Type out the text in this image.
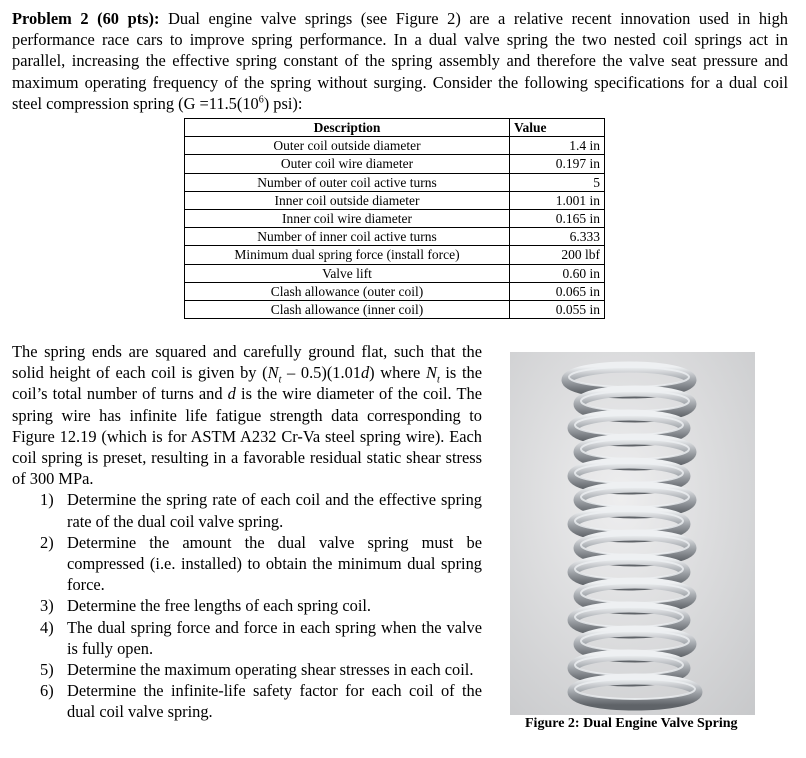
Problem 2 (60 pts): Dual engine valve springs (see Figure 2) are a relative recent innovation used in high performance race cars to improve spring performance. In a dual valve spring the two nested coil springs act in parallel, increasing the effective spring constant of the spring assembly and therefore the valve seat pressure and maximum operating frequency of the spring without surging. Consider the following specifications for a dual coil steel compression spring ($G =11.5(10^6)$ psi):
Description	Value
Outer coil outside diameter	1.4 in
Outer coil wire diameter	0.197 in
Number of outer coil active turns	5
Inner coil outside diameter	1.001 in
Inner coil wire diameter	0.165 in
Number of inner coil active turns	6.333
Minimum dual spring force (install force)	200 lbf
Valve lift	0.60 in
Clash allowance (outer coil)	0.065 in
Clash allowance (inner coil)	0.055 in

The spring ends are squared and carefully ground flat, such that the solid height of each coil is given by $(N_t - 0.5)(1.01d)$ where $N_t$ is the coil’s total number of turns and d is the wire diameter of the coil. The spring wire has infinite life fatigue strength data corresponding to Figure 12.19 (which is for ASTM A232 Cr-Va steel spring wire). Each coil spring is preset, resulting in a favorable residual static shear stress of 300 MPa.

1) Determine the spring rate of each coil and the effective spring rate of the dual coil valve spring.
2) Determine the amount the dual valve spring must be compressed (i.e. installed) to obtain the minimum dual spring force.
3) Determine the free lengths of each spring coil.
4) The dual spring force and force in each spring when the valve is fully open.
5) Determine the maximum operating shear stresses in each coil.
6) Determine the infinite-life safety factor for each coil of the dual coil valve spring.
Figure 2: Dual Engine Valve Spring
